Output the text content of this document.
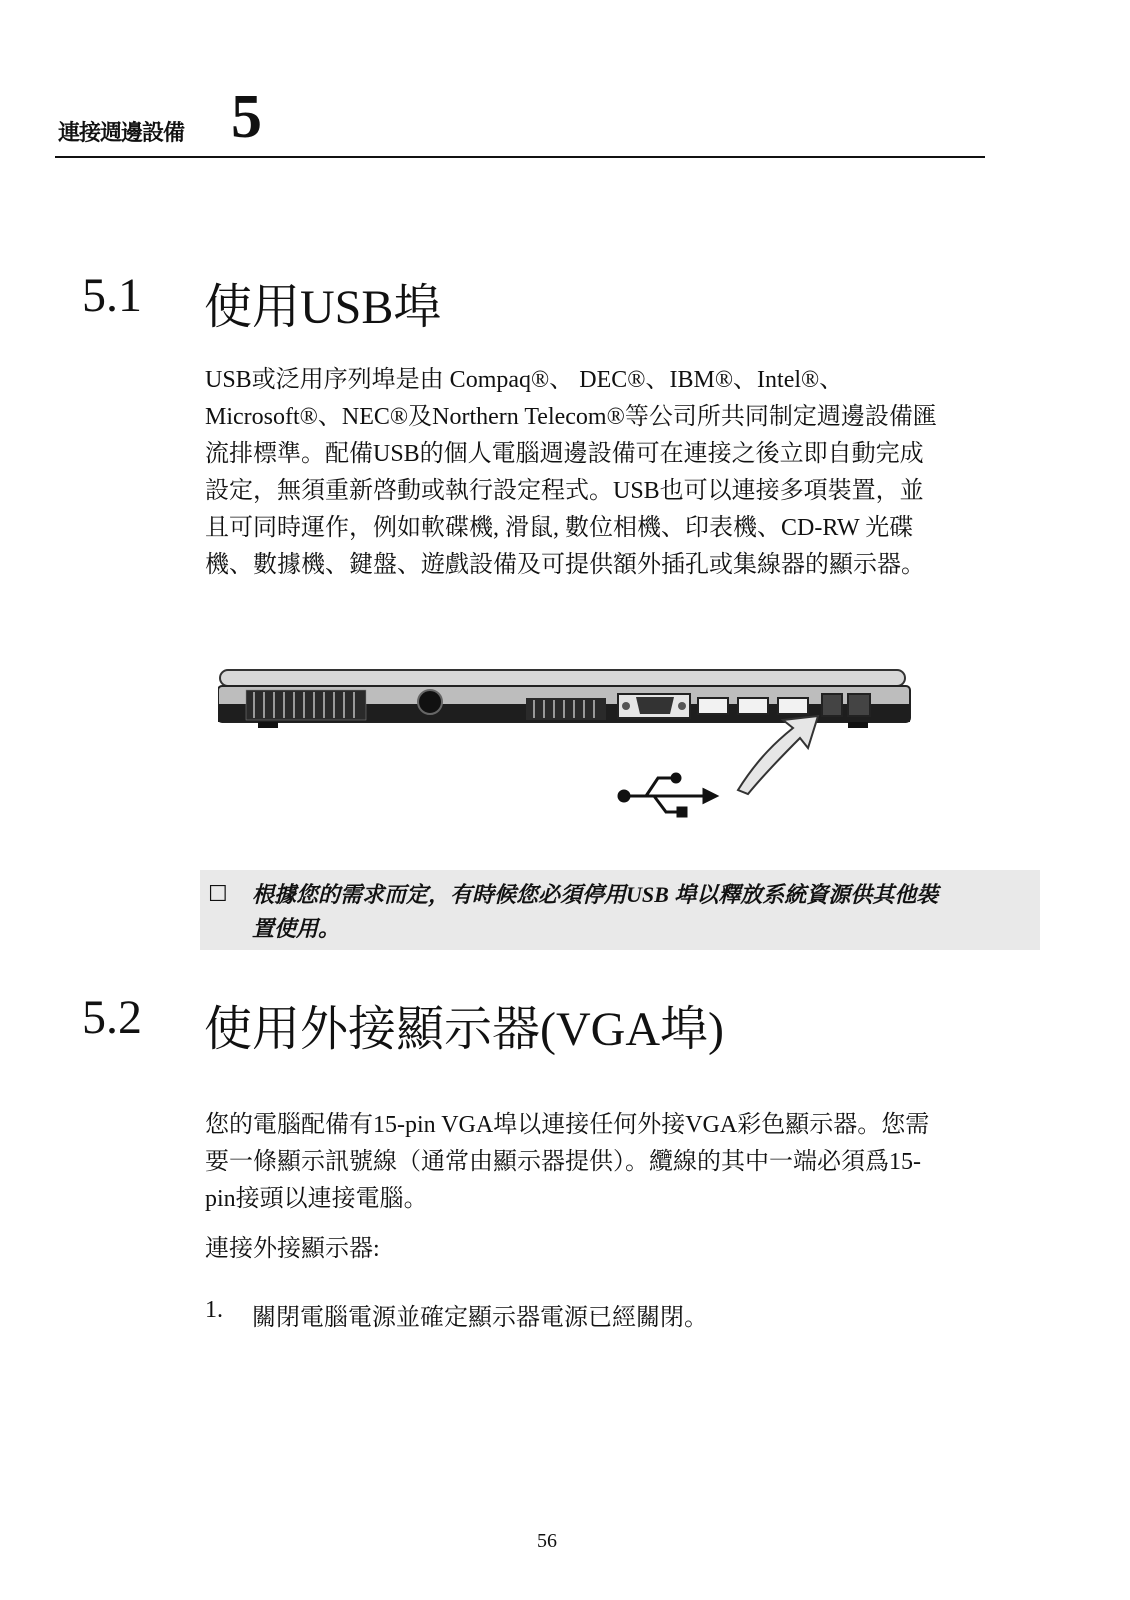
連接週邊設備 5
5.1 使用USB埠
USB或泛用序列埠是由 Compaq®、 DEC®、IBM®、Intel®、
Microsoft®、NEC®及Northern Telecom®等公司所共同制定週邊設備匯
流排標準。配備USB的個人電腦週邊設備可在連接之後立即自動完成
設定，無須重新啓動或執行設定程式。USB也可以連接多項裝置，並
且可同時運作，例如軟碟機, 滑鼠, 數位相機、印表機、CD-RW 光碟
機、數據機、鍵盤、遊戲設備及可提供額外插孔或集線器的顯示器。
☐ 根據您的需求而定，有時候您必須停用USB 埠以釋放系統資源供其他裝
置使用。
5.2 使用外接顯示器(VGA埠)
您的電腦配備有15-pin VGA埠以連接任何外接VGA彩色顯示器。您需
要一條顯示訊號線（通常由顯示器提供）。纜線的其中一端必須爲15-
pin接頭以連接電腦。
連接外接顯示器:
1. 關閉電腦電源並確定顯示器電源已經關閉。
56
